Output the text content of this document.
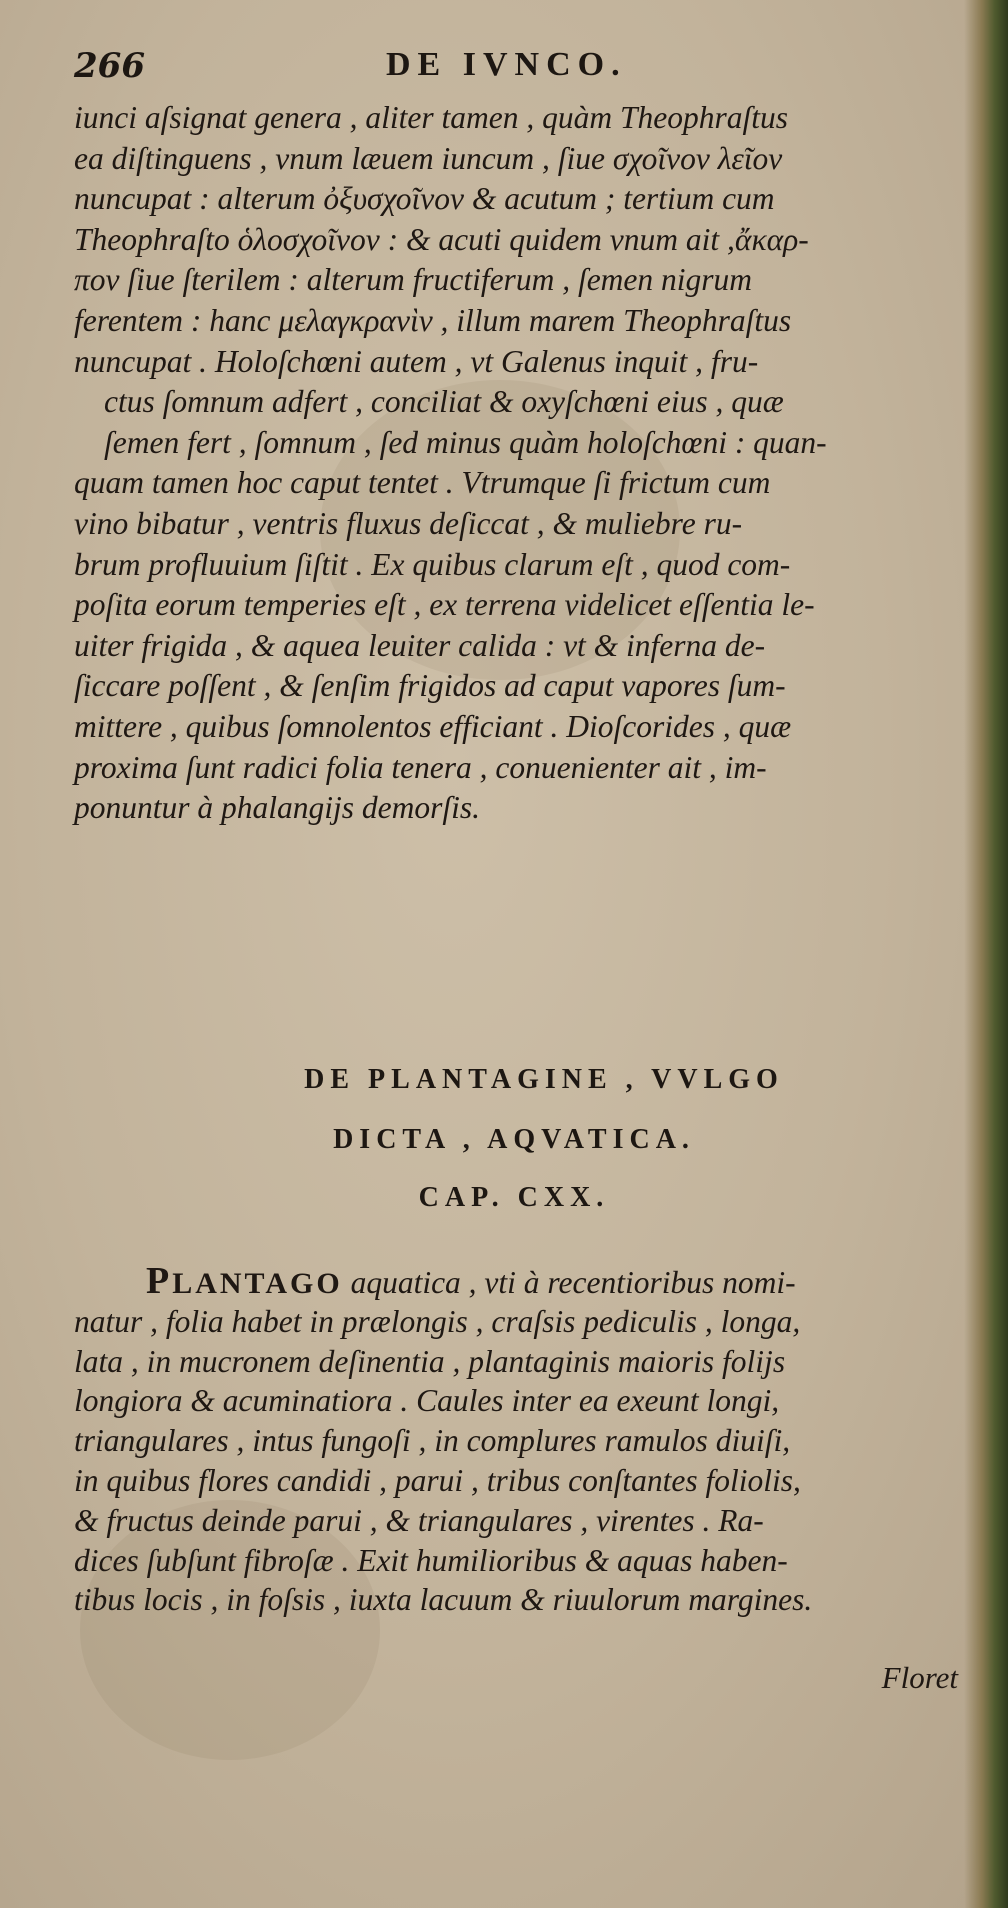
266	DE IVNCO.
iunci aſsignat genera , aliter tamen , quàm Theophraſtus
ea diſtinguens , vnum læuem iuncum , ſiue σχοῖνον λεῖον
nuncupat : alterum ὀξυσχοῖνον & acutum ; tertium cum
Theophraſto ὁλοσχοῖνον : & acuti quidem vnum ait ,ἄκαρ-
πον ſiue ſterilem : alterum fructiferum , ſemen nigrum
ferentem : hanc μελαγκρανὶν , illum marem Theophraſtus
nuncupat . Holoſchœni autem , vt Galenus inquit , fru-
ctus ſomnum adfert , conciliat & oxyſchœni eius , quæ
ſemen fert , ſomnum , ſed minus quàm holoſchœni : quan-
quam tamen hoc caput tentet . Vtrumque ſi frictum cum
vino bibatur , ventris fluxus deſiccat , & muliebre ru-
brum profluuium ſiſtit . Ex quibus clarum eſt , quod com-
poſita eorum temperies eſt , ex terrena videlicet eſſentia le-
uiter frigida , & aquea leuiter calida : vt & inferna de-
ſiccare poſſent , & ſenſim frigidos ad caput vapores ſum-
mittere , quibus ſomnolentos efficiant . Dioſcorides , quæ
proxima ſunt radici folia tenera , conuenienter ait , im-
ponuntur à phalangijs demorſis.
DE PLANTAGINE , VVLGO
DICTA , AQVATICA.
CAP. CXX.
PLANTAGO aquatica , vti à recentioribus nomi-
natur , folia habet in prælongis , craſsis pediculis , longa,
lata , in mucronem deſinentia , plantaginis maioris folijs
longiora & acuminatiora . Caules inter ea exeunt longi,
triangulares , intus fungoſi , in complures ramulos diuiſi,
in quibus flores candidi , parui , tribus conſtantes foliolis,
& fructus deinde parui , & triangulares , virentes . Ra-
dices ſubſunt fibroſæ . Exit humilioribus & aquas haben-
tibus locis , in foſsis , iuxta lacuum & riuulorum margines.
Floret
